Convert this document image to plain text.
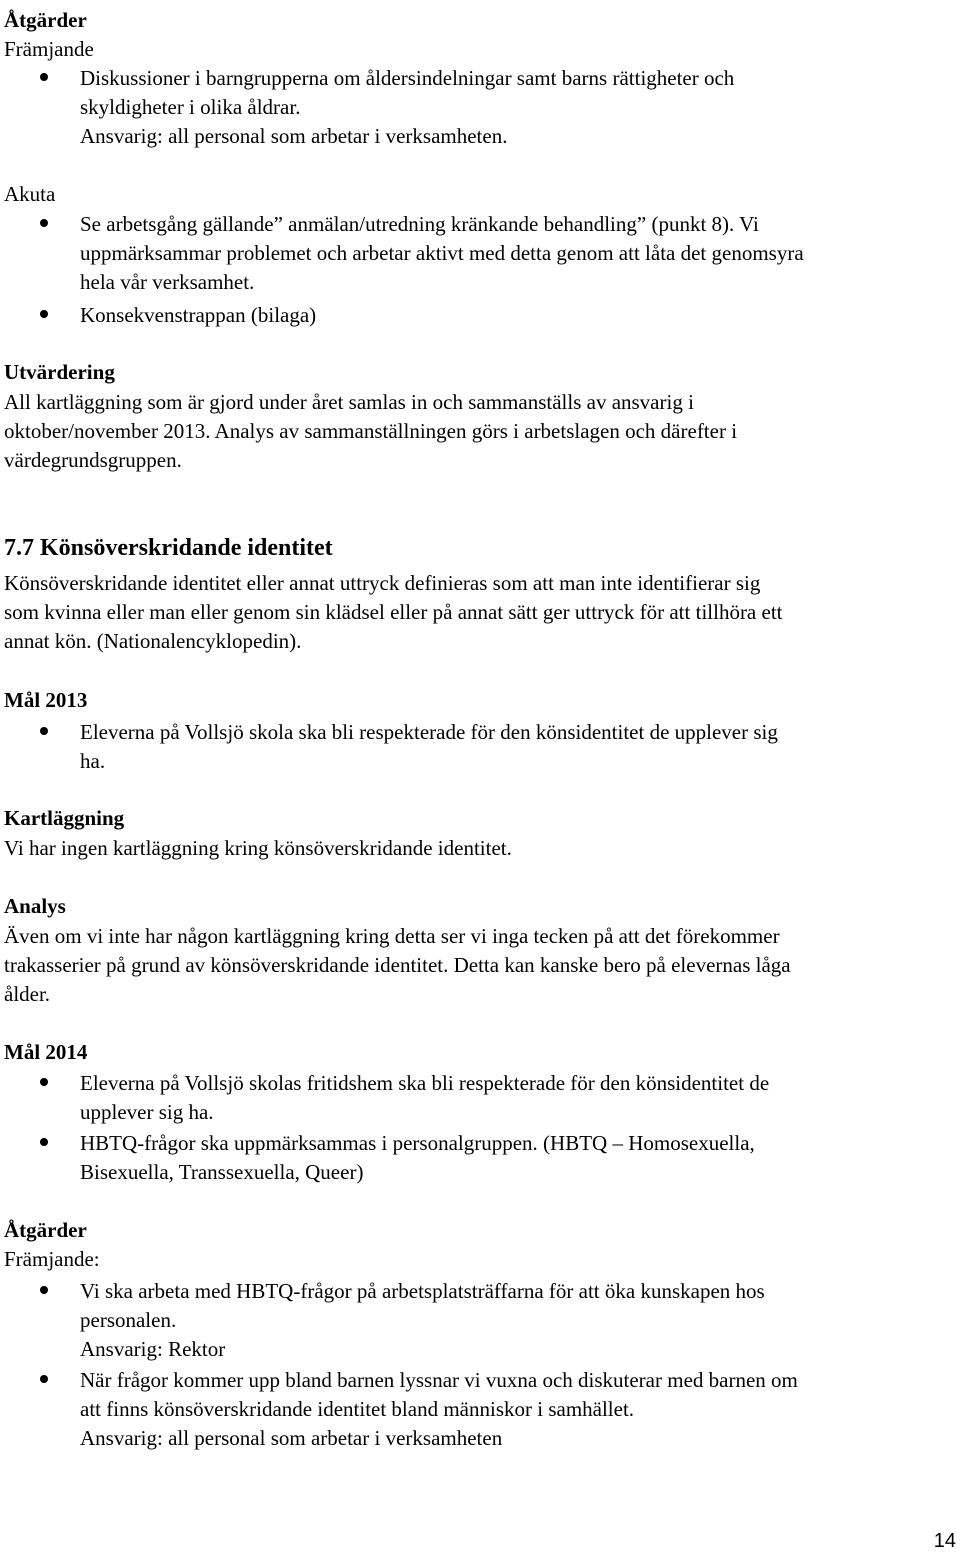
Åtgärder
Främjande
Diskussioner i barngrupperna om åldersindelningar samt barns rättigheter och
skyldigheter i olika åldrar.
Ansvarig: all personal som arbetar i verksamheten.
Akuta
Se arbetsgång gällande” anmälan/utredning kränkande behandling” (punkt 8). Vi
uppmärksammar problemet och arbetar aktivt med detta genom att låta det genomsyra
hela vår verksamhet.
Konsekvenstrappan (bilaga)
Utvärdering
All kartläggning som är gjord under året samlas in och sammanställs av ansvarig i
oktober/november 2013. Analys av sammanställningen görs i arbetslagen och därefter i
värdegrundsgruppen.
7.7 Könsöverskridande identitet
Könsöverskridande identitet eller annat uttryck definieras som att man inte identifierar sig
som kvinna eller man eller genom sin klädsel eller på annat sätt ger uttryck för att tillhöra ett
annat kön. (Nationalencyklopedin).
Mål 2013
Eleverna på Vollsjö skola ska bli respekterade för den könsidentitet de upplever sig
ha.
Kartläggning
Vi har ingen kartläggning kring könsöverskridande identitet.
Analys
Även om vi inte har någon kartläggning kring detta ser vi inga tecken på att det förekommer
trakasserier på grund av könsöverskridande identitet. Detta kan kanske bero på elevernas låga
ålder.
Mål 2014
Eleverna på Vollsjö skolas fritidshem ska bli respekterade för den könsidentitet de
upplever sig ha.
HBTQ-frågor ska uppmärksammas i personalgruppen. (HBTQ – Homosexuella,
Bisexuella, Transsexuella, Queer)
Åtgärder
Främjande:
Vi ska arbeta med HBTQ-frågor på arbetsplatsträffarna för att öka kunskapen hos
personalen.
Ansvarig: Rektor
När frågor kommer upp bland barnen lyssnar vi vuxna och diskuterar med barnen om
att finns könsöverskridande identitet bland människor i samhället.
Ansvarig: all personal som arbetar i verksamheten
14
